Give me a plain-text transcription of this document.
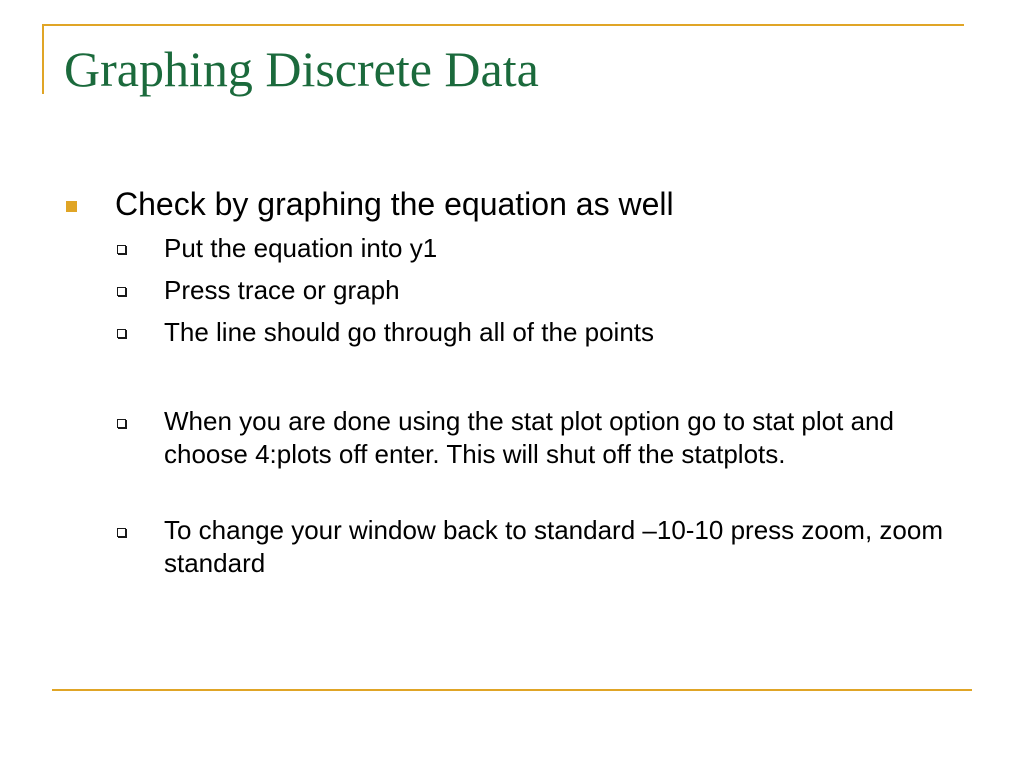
Graphing Discrete Data
Check by graphing the equation as well
Put the equation into y1
Press trace or graph
The line should go through all of the points
When you are done using the stat plot option go to stat plot and choose 4:plots off enter. This will shut off the statplots.
To change your window back to standard –10-10 press zoom, zoom standard
